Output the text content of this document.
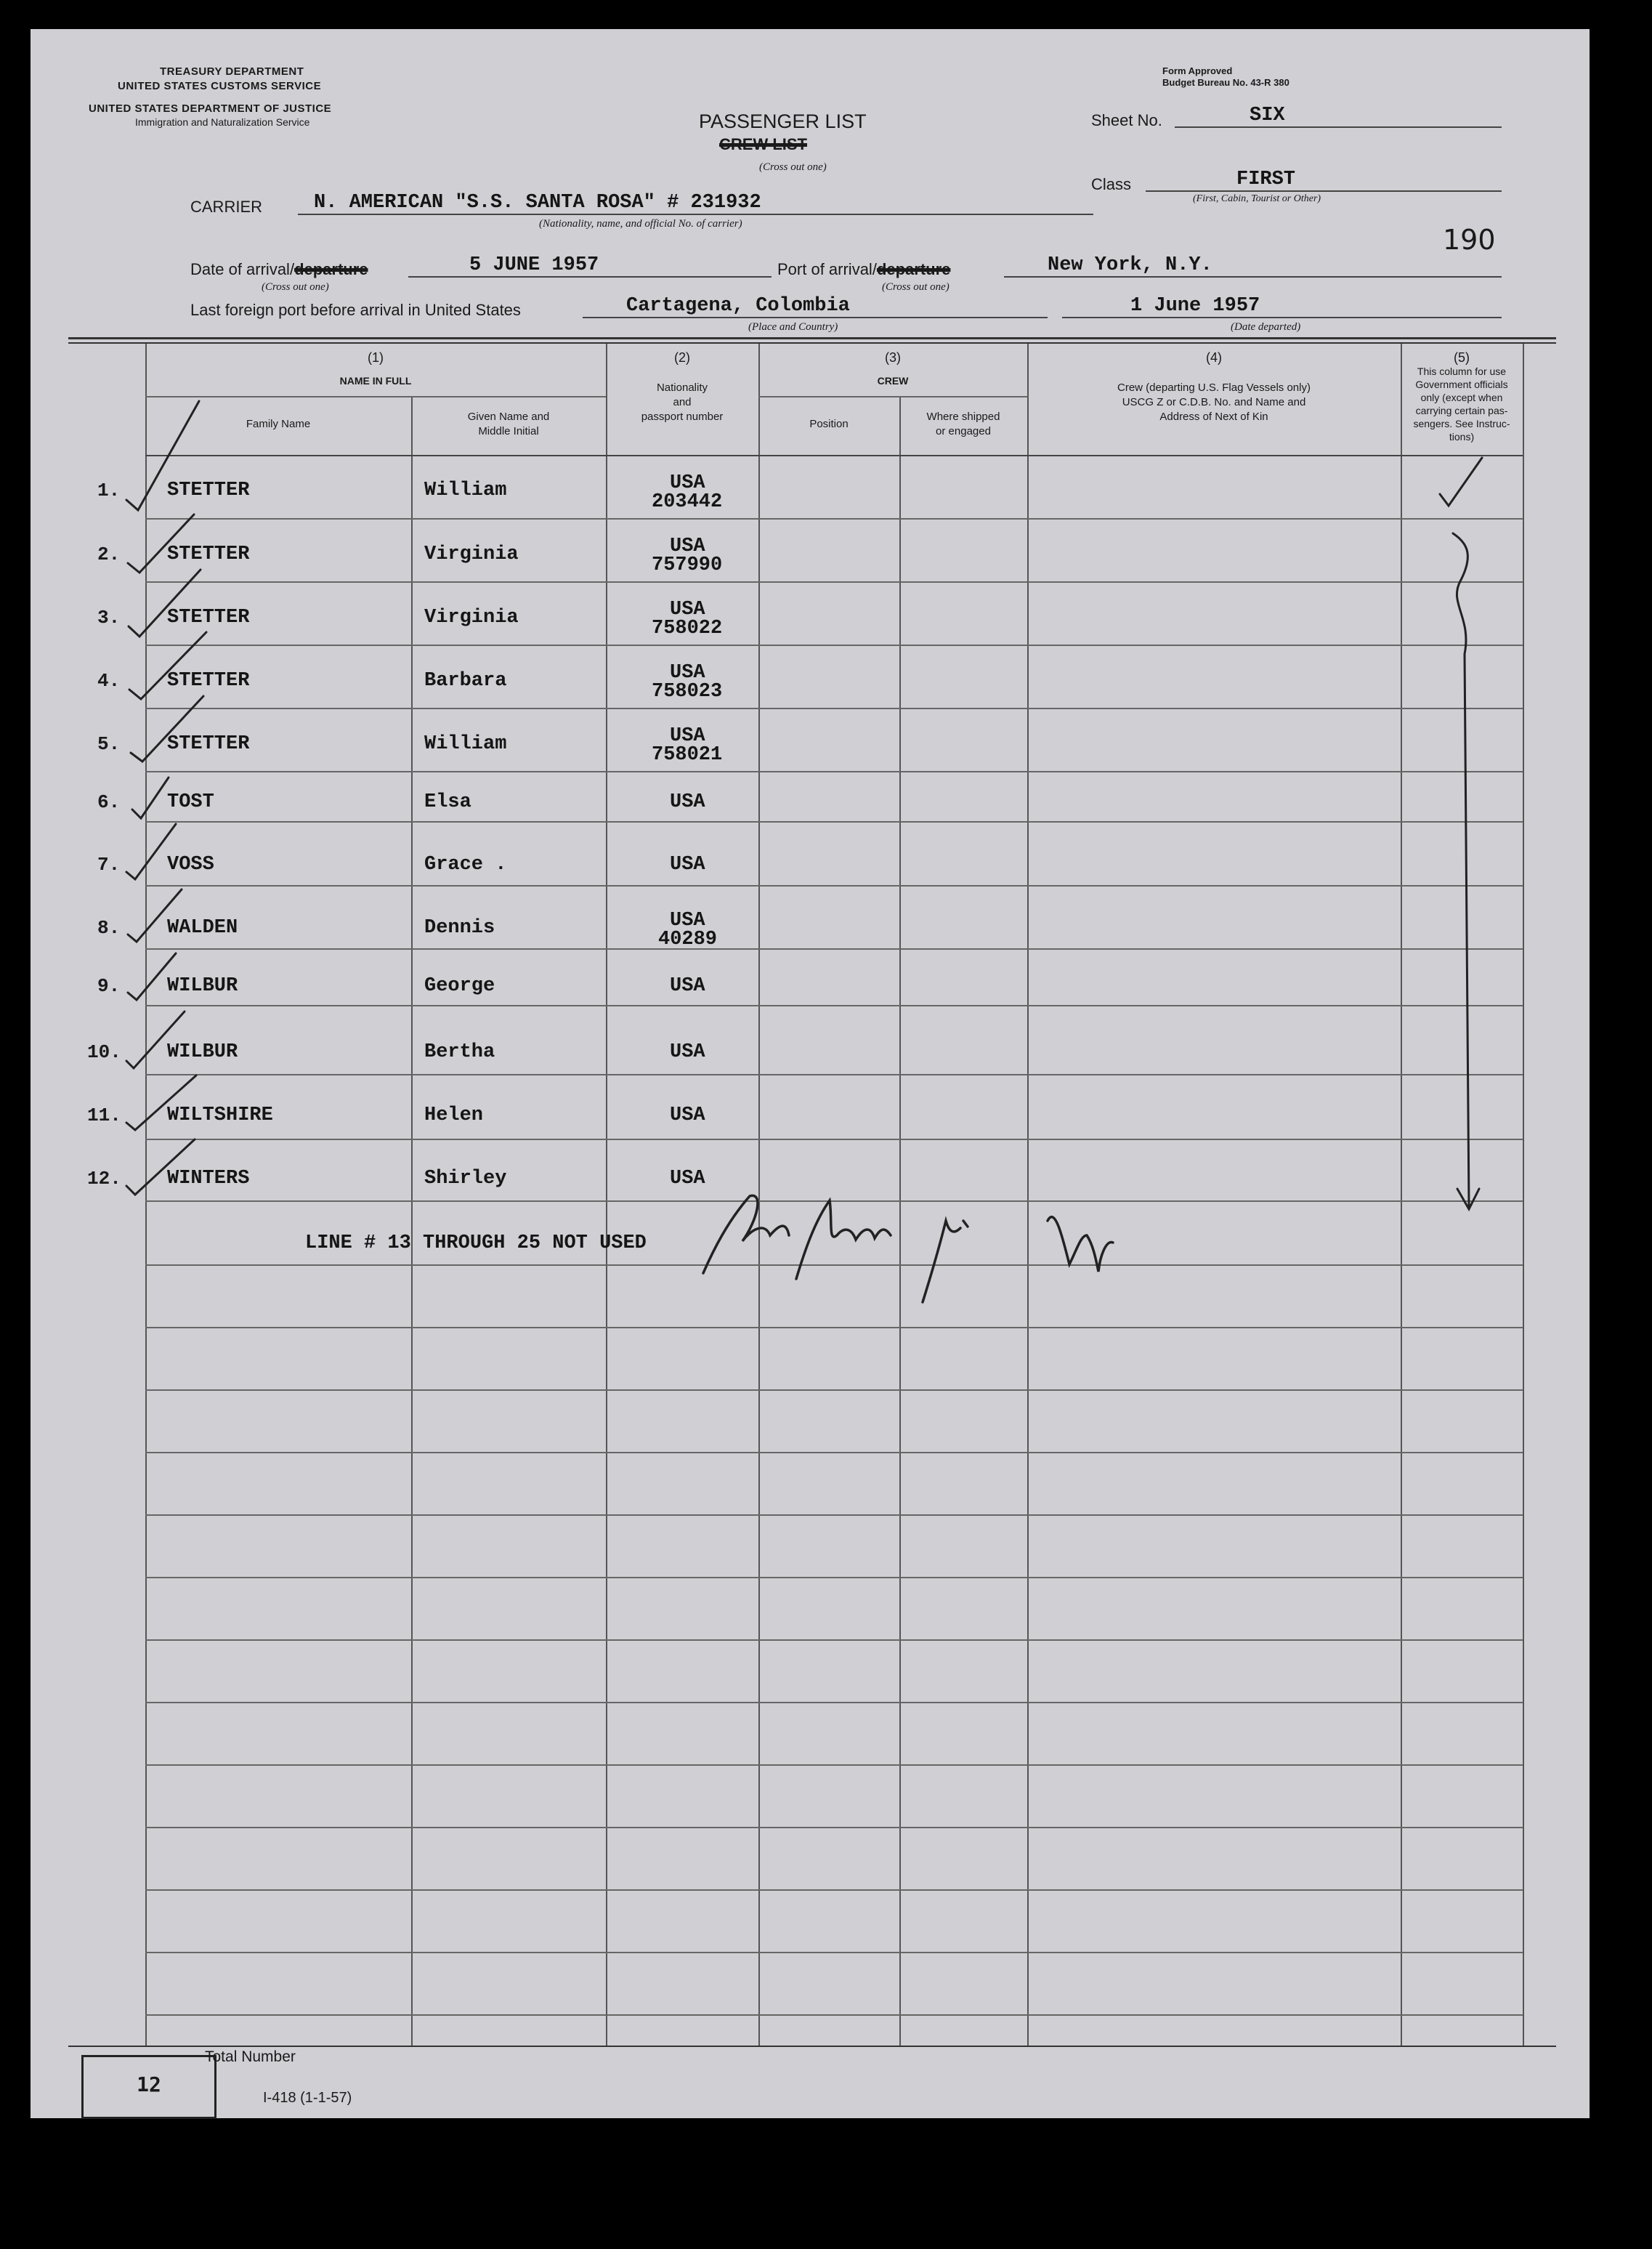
TREASURY DEPARTMENT
UNITED STATES CUSTOMS SERVICE
UNITED STATES DEPARTMENT OF JUSTICE
Immigration and Naturalization Service
Form Approved
Budget Bureau No. 43-R 380
PASSENGER LIST
CREW LIST
(Cross out one)
Sheet No.	SIX
Class	FIRST
(First, Cabin, Tourist or Other)
190
CARRIER	N. AMERICAN "S.S. SANTA ROSA" # 231932
(Nationality, name, and official No. of carrier)
Date of arrival/departure	5 JUNE 1957
(Cross out one)
Port of arrival/departure	New York, N.Y.
(Cross out one)
Last foreign port before arrival in United States	Cartagena, Colombia
(Place and Country)
1 June 1957
(Date departed)
(1)
NAME IN FULL
Family Name
Given Name and
Middle Initial
(2)
Nationality
and
passport number
(3)
CREW
Position
Where shipped
or engaged
(4)
Crew (departing U.S. Flag Vessels only)
USCG Z or C.D.B. No. and Name and
Address of Next of Kin
(5)
This column for use
Government officials
only (except when
carrying certain pas-
sengers. See Instruc-
tions)
1. STETTER	William	USA
203442
2. STETTER	Virginia	USA
757990
3. STETTER	Virginia	USA
758022
4. STETTER	Barbara	USA
758023
5. STETTER	William	USA
758021
6. TOST	Elsa	USA
7. VOSS	Grace .	USA
8. WALDEN	Dennis	USA
40289
9. WILBUR	George	USA
10. WILBUR	Bertha	USA
11. WILTSHIRE	Helen	USA
12. WINTERS	Shirley	USA
LINE # 13 THROUGH 25 NOT USED
12
Total Number
I-418 (1-1-57)
